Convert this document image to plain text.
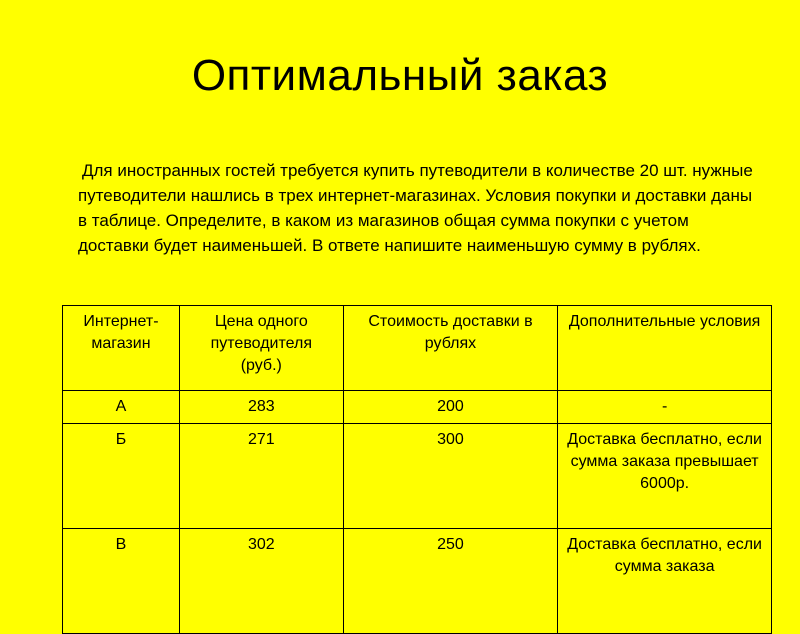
Оптимальный заказ
Для иностранных гостей требуется купить путеводители в количестве 20 шт. нужные путеводители нашлись в трех интернет-магазинах. Условия покупки и доставки даны в таблице. Определите, в каком из магазинов общая сумма покупки с учетом доставки будет наименьшей. В ответе напишите наименьшую сумму в рублях.
Интернет-магазин	Цена одного путеводителя (руб.)	Стоимость доставки в рублях	Дополнительные условия
А	283	200	-
Б	271	300	Доставка бесплатно, если сумма заказа превышает 6000р.
В	302	250	Доставка бесплатно, если сумма заказа
